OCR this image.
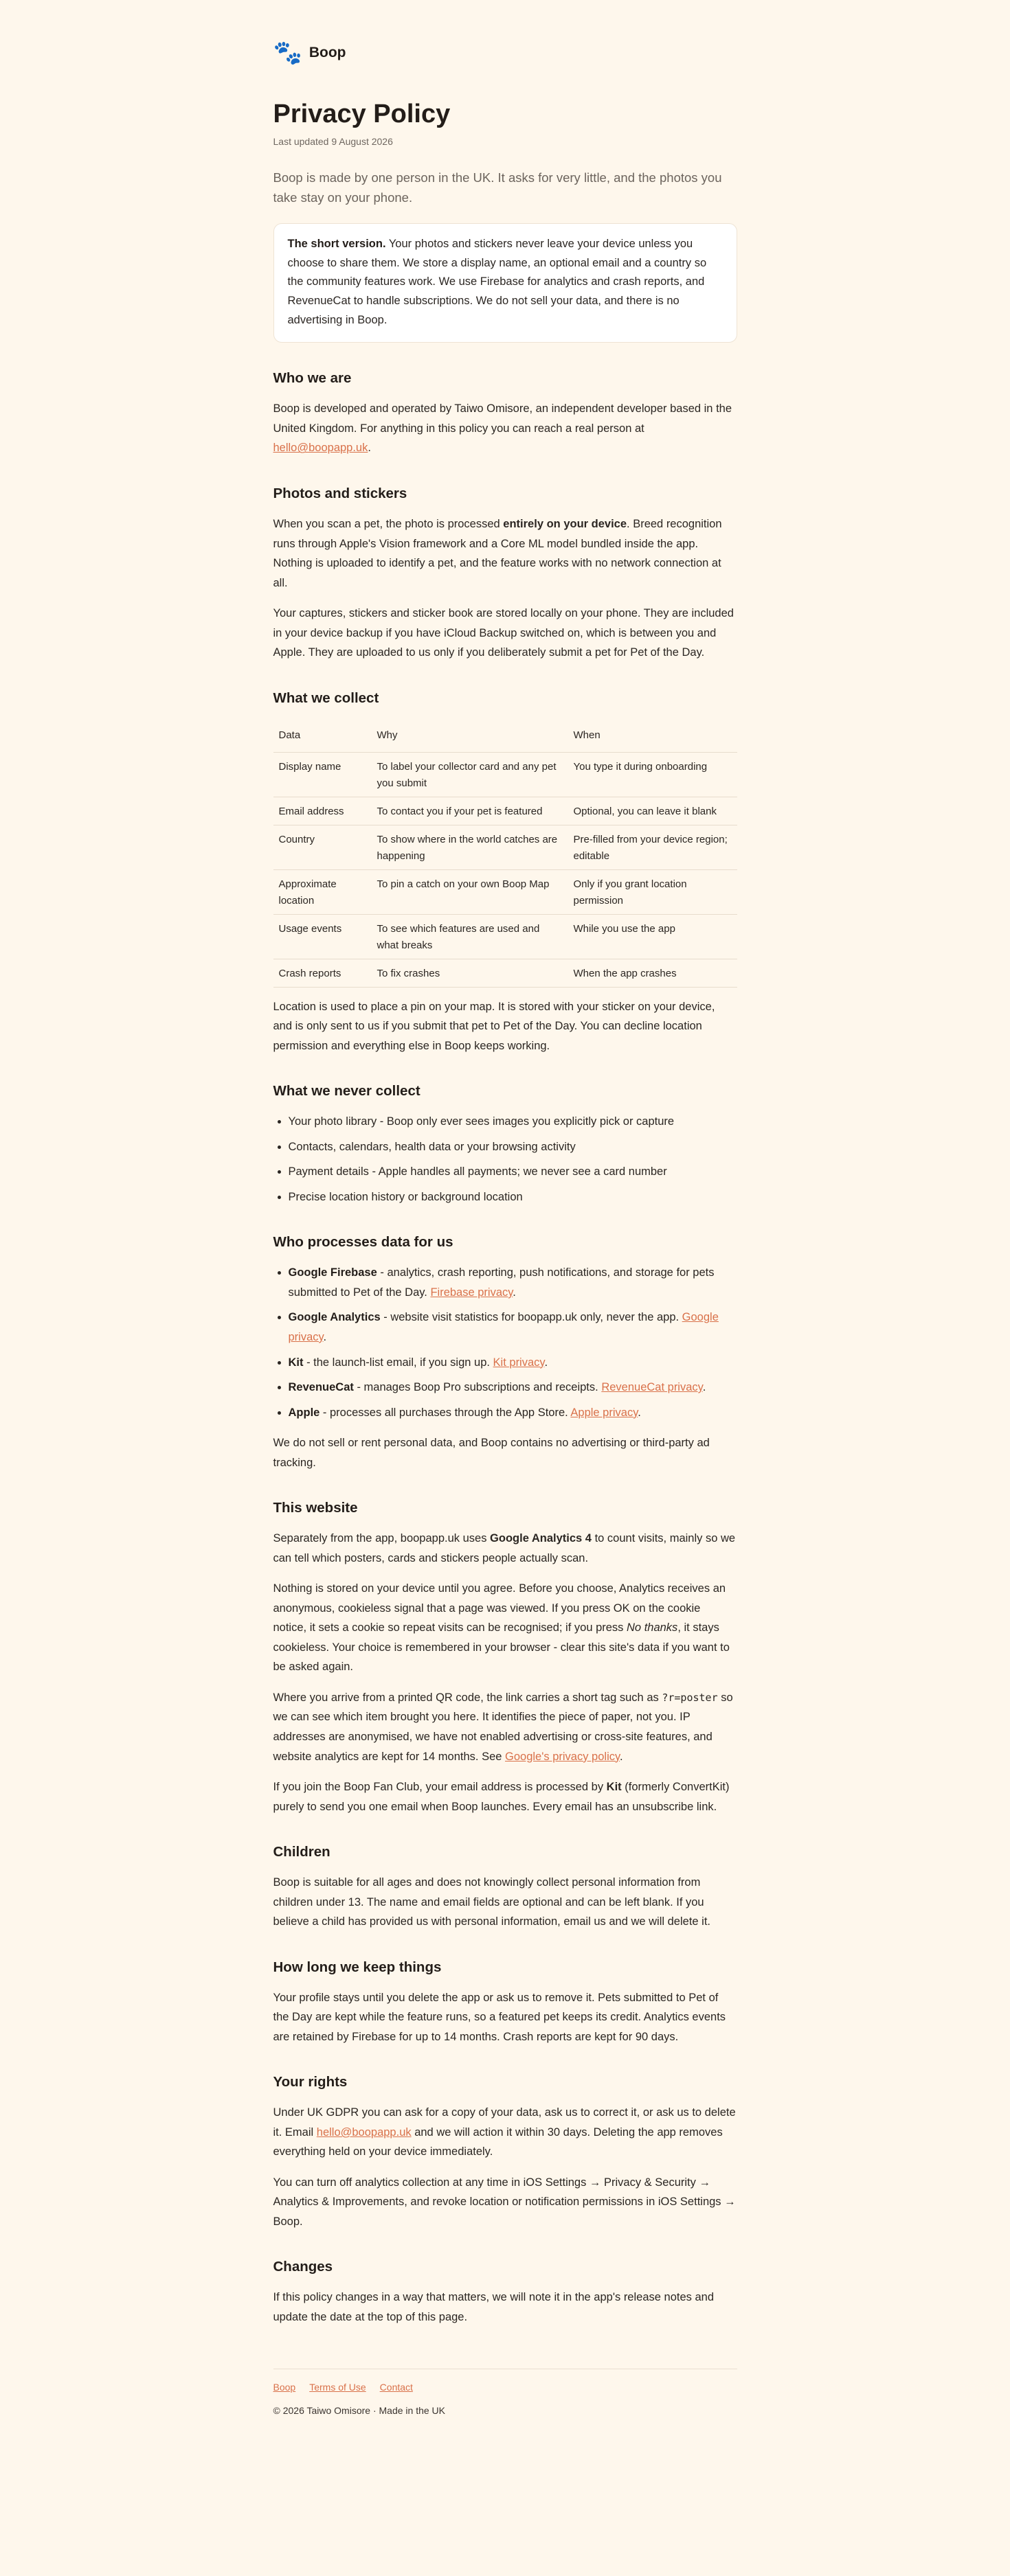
🐾 Boop
Privacy Policy

Last updated 9 August 2026

Boop is made by one person in the UK. It asks for very little, and the photos you take stay on your phone.

The short version. Your photos and stickers never leave your device unless you choose to share them. We store a display name, an optional email and a country so the community features work. We use Firebase for analytics and crash reports, and RevenueCat to handle subscriptions. We do not sell your data, and there is no advertising in Boop.
Who we are

Boop is developed and operated by Taiwo Omisore, an independent developer based in the United Kingdom. For anything in this policy you can reach a real person at hello@boopapp.uk.

Photos and stickers

When you scan a pet, the photo is processed entirely on your device. Breed recognition runs through Apple's Vision framework and a Core ML model bundled inside the app. Nothing is uploaded to identify a pet, and the feature works with no network connection at all.

Your captures, stickers and sticker book are stored locally on your phone. They are included in your device backup if you have iCloud Backup switched on, which is between you and Apple. They are uploaded to us only if you deliberately submit a pet for Pet of the Day.

What we collect
Data	Why	When
Display name	To label your collector card and any pet you submit	You type it during onboarding
Email address	To contact you if your pet is featured	Optional, you can leave it blank
Country	To show where in the world catches are happening	Pre-filled from your device region; editable
Approximate location	To pin a catch on your own Boop Map	Only if you grant location permission
Usage events	To see which features are used and what breaks	While you use the app
Crash reports	To fix crashes	When the app crashes

Location is used to place a pin on your map. It is stored with your sticker on your device, and is only sent to us if you submit that pet to Pet of the Day. You can decline location permission and everything else in Boop keeps working.

What we never collect
• Your photo library - Boop only ever sees images you explicitly pick or capture
• Contacts, calendars, health data or your browsing activity
• Payment details - Apple handles all payments; we never see a card number
• Precise location history or background location
Who processes data for us
• Google Firebase - analytics, crash reporting, push notifications, and storage for pets submitted to Pet of the Day. Firebase privacy.
• Google Analytics - website visit statistics for boopapp.uk only, never the app. Google privacy.
• Kit - the launch-list email, if you sign up. Kit privacy.
• RevenueCat - manages Boop Pro subscriptions and receipts. RevenueCat privacy.
• Apple - processes all purchases through the App Store. Apple privacy.

We do not sell or rent personal data, and Boop contains no advertising or third-party ad tracking.

This website

Separately from the app, boopapp.uk uses Google Analytics 4 to count visits, mainly so we can tell which posters, cards and stickers people actually scan.

Nothing is stored on your device until you agree. Before you choose, Analytics receives an anonymous, cookieless signal that a page was viewed. If you press OK on the cookie notice, it sets a cookie so repeat visits can be recognised; if you press No thanks, it stays cookieless. Your choice is remembered in your browser - clear this site's data if you want to be asked again.

Where you arrive from a printed QR code, the link carries a short tag such as ?r=poster so we can see which item brought you here. It identifies the piece of paper, not you. IP addresses are anonymised, we have not enabled advertising or cross-site features, and website analytics are kept for 14 months. See Google's privacy policy.

If you join the Boop Fan Club, your email address is processed by Kit (formerly ConvertKit) purely to send you one email when Boop launches. Every email has an unsubscribe link.

Children

Boop is suitable for all ages and does not knowingly collect personal information from children under 13. The name and email fields are optional and can be left blank. If you believe a child has provided us with personal information, email us and we will delete it.

How long we keep things

Your profile stays until you delete the app or ask us to remove it. Pets submitted to Pet of the Day are kept while the feature runs, so a featured pet keeps its credit. Analytics events are retained by Firebase for up to 14 months. Crash reports are kept for 90 days.

Your rights

Under UK GDPR you can ask for a copy of your data, ask us to correct it, or ask us to delete it. Email hello@boopapp.uk and we will action it within 30 days. Deleting the app removes everything held on your device immediately.

You can turn off analytics collection at any time in iOS Settings → Privacy & Security → Analytics & Improvements, and revoke location or notification permissions in iOS Settings → Boop.

Changes

If this policy changes in a way that matters, we will note it in the app's release notes and update the date at the top of this page.

Boop Terms of Use Contact
© 2026 Taiwo Omisore · Made in the UK
